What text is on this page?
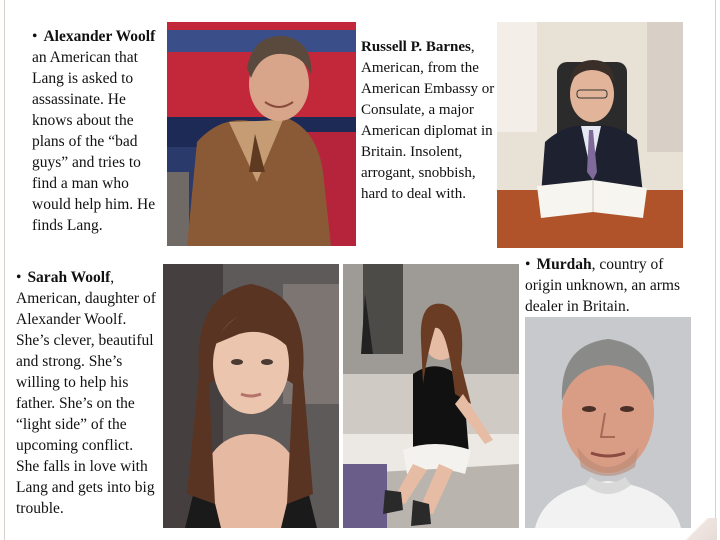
• Alexander Woolf an American that Lang is asked to assassinate. He knows about the plans of the “bad guys” and tries to find a man who would help him. He finds Lang.
Russell P. Barnes, American, from the American Embassy or Consulate, a major American diplomat in Britain. Insolent, arrogant, snobbish, hard to deal with.
• Sarah Woolf, American, daughter of Alexander Woolf. She’s clever, beautiful and strong. She’s willing to help his father. She’s on the “light side” of the upcoming conflict. She falls in love with Lang and gets into big trouble.
• Murdah, country of origin unknown, an arms dealer in Britain.
